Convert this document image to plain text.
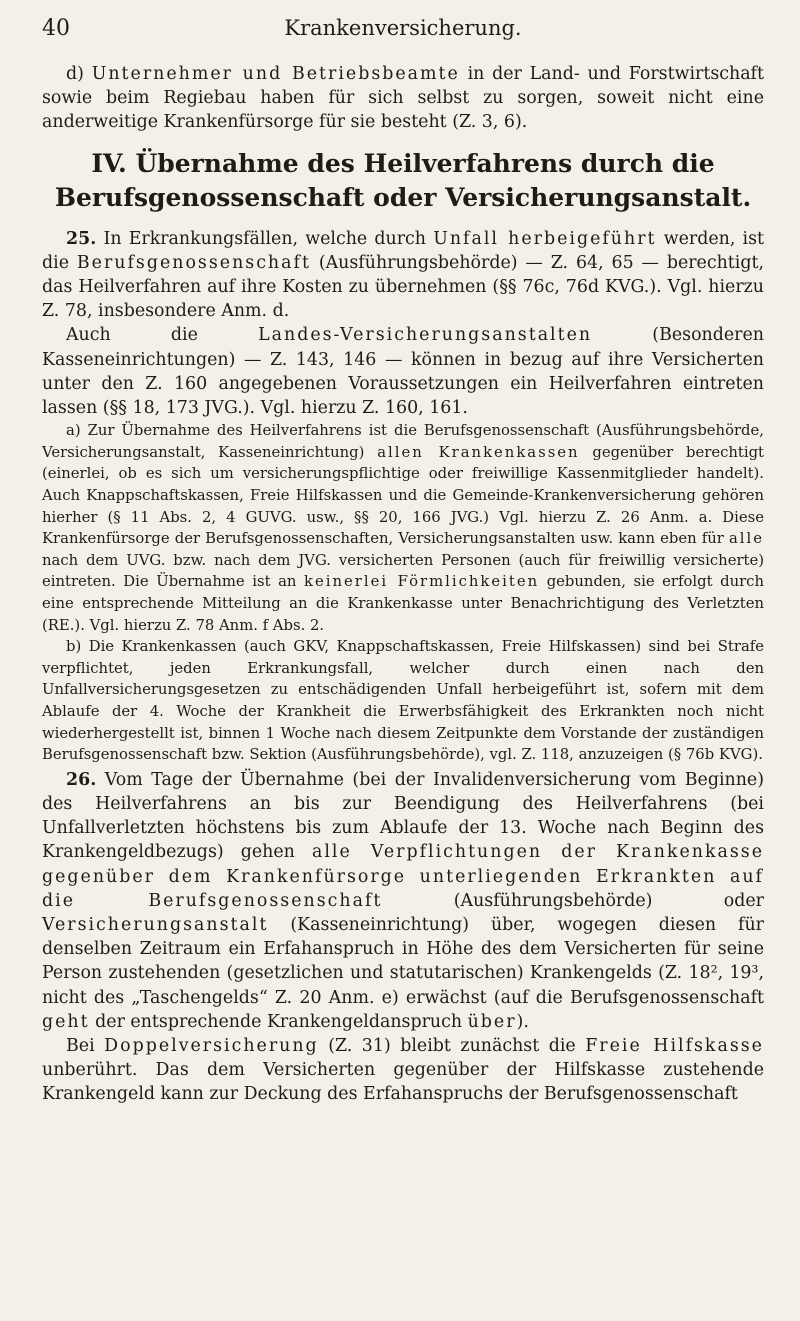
40	Krankenversicherung.

d) Unternehmer und Betriebsbeamte in der Land- und Forstwirtschaft sowie beim Regiebau haben für sich selbst zu sorgen, soweit nicht eine anderweitige Krankenfürsorge für sie besteht (Z. 3, 6).

IV. Übernahme des Heilverfahrens durch die Berufsgenossenschaft oder Versicherungsanstalt.

25. In Erkrankungsfällen, welche durch Unfall herbeigeführt werden, ist die Berufsgenossenschaft (Ausführungsbehörde) — Z. 64, 65 — berechtigt, das Heilverfahren auf ihre Kosten zu übernehmen (§§ 76c, 76d KVG.). Vgl. hierzu Z. 78, insbesondere Anm. d.

Auch die Landes-Versicherungsanstalten (Besonderen Kasseneinrichtungen) — Z. 143, 146 — können in bezug auf ihre Versicherten unter den Z. 160 angegebenen Voraussetzungen ein Heilverfahren eintreten lassen (§§ 18, 173 JVG.). Vgl. hierzu Z. 160, 161.

a) Zur Übernahme des Heilverfahrens ist die Berufsgenossenschaft (Ausführungsbehörde, Versicherungsanstalt, Kasseneinrichtung) allen Krankenkassen gegenüber berechtigt (einerlei, ob es sich um versicherungspflichtige oder freiwillige Kassenmitglieder handelt). Auch Knappschaftskassen, Freie Hilfskassen und die Gemeinde-Krankenversicherung gehören hierher (§ 11 Abs. 2, 4 GUVG. usw., §§ 20, 166 JVG.) Vgl. hierzu Z. 26 Anm. a. Diese Krankenfürsorge der Berufsgenossenschaften, Versicherungsanstalten usw. kann eben für alle nach dem UVG. bzw. nach dem JVG. versicherten Personen (auch für freiwillig versicherte) eintreten. Die Übernahme ist an keinerlei Förmlichkeiten gebunden, sie erfolgt durch eine entsprechende Mitteilung an die Krankenkasse unter Benachrichtigung des Verletzten (RE.). Vgl. hierzu Z. 78 Anm. f Abs. 2.

b) Die Krankenkassen (auch GKV, Knappschaftskassen, Freie Hilfskassen) sind bei Strafe verpflichtet, jeden Erkrankungsfall, welcher durch einen nach den Unfallversicherungsgesetzen zu entschädigenden Unfall herbeigeführt ist, sofern mit dem Ablaufe der 4. Woche der Krankheit die Erwerbsfähigkeit des Erkrankten noch nicht wiederhergestellt ist, binnen 1 Woche nach diesem Zeitpunkte dem Vorstande der zuständigen Berufsgenossenschaft bzw. Sektion (Ausführungsbehörde), vgl. Z. 118, anzuzeigen (§ 76b KVG).

26. Vom Tage der Übernahme (bei der Invalidenversicherung vom Beginne) des Heilverfahrens an bis zur Beendigung des Heilverfahrens (bei Unfallverletzten höchstens bis zum Ablaufe der 13. Woche nach Beginn des Krankengeldbezugs) gehen alle Verpflichtungen der Krankenkasse gegenüber dem Krankenfürsorge unterliegenden Erkrankten auf die Berufsgenossenschaft (Ausführungsbehörde) oder Versicherungsanstalt (Kasseneinrichtung) über, wogegen diesen für denselben Zeitraum ein Erfahanspruch in Höhe des dem Versicherten für seine Person zustehenden (gesetzlichen und statutarischen) Krankengelds (Z. 18², 19³, nicht des „Taschengelds“ Z. 20 Anm. e) erwächst (auf die Berufsgenossenschaft geht der entsprechende Krankengeldanspruch über).

Bei Doppelversicherung (Z. 31) bleibt zunächst die Freie Hilfskasse unberührt. Das dem Versicherten gegenüber der Hilfskasse zustehende Krankengeld kann zur Deckung des Erfahanspruchs der Berufsgenossenschaft
